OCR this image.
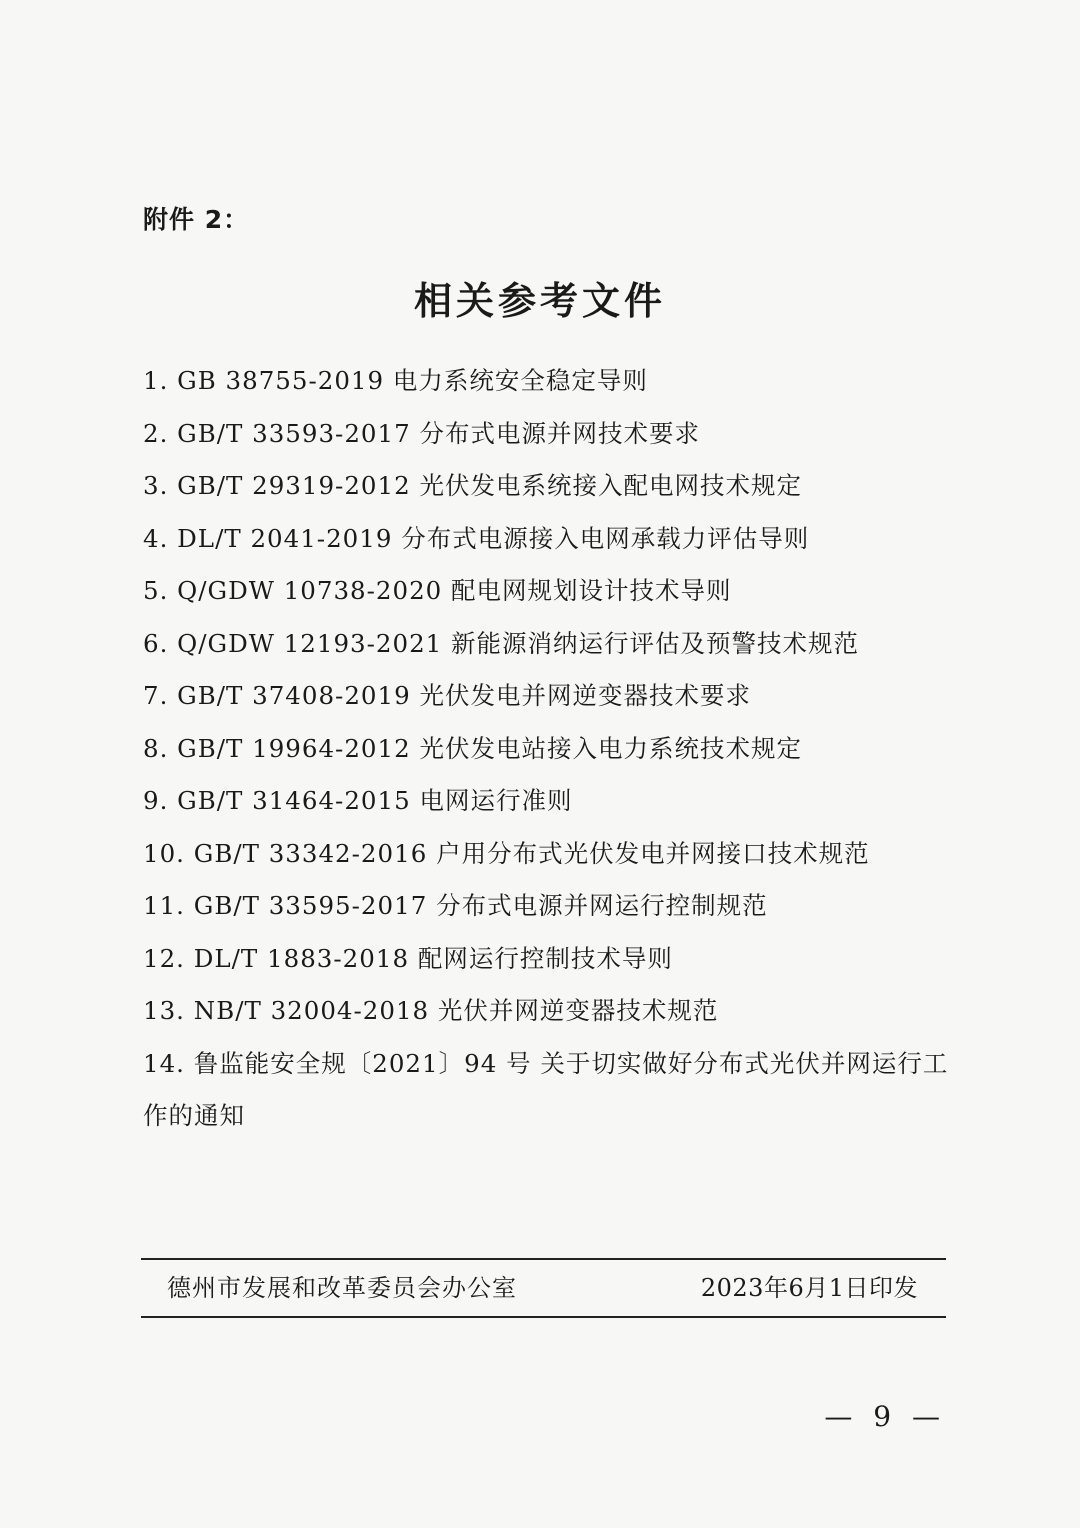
附件 2：
相关参考文件
1. GB 38755-2019 电力系统安全稳定导则
2. GB/T 33593-2017 分布式电源并网技术要求
3. GB/T 29319-2012 光伏发电系统接入配电网技术规定
4. DL/T 2041-2019 分布式电源接入电网承载力评估导则
5. Q/GDW 10738-2020 配电网规划设计技术导则
6. Q/GDW 12193-2021 新能源消纳运行评估及预警技术规范
7. GB/T 37408-2019 光伏发电并网逆变器技术要求
8. GB/T 19964-2012 光伏发电站接入电力系统技术规定
9. GB/T 31464-2015 电网运行准则
10. GB/T 33342-2016 户用分布式光伏发电并网接口技术规范
11. GB/T 33595-2017 分布式电源并网运行控制规范
12. DL/T 1883-2018 配网运行控制技术导则
13. NB/T 32004-2018 光伏并网逆变器技术规范
14. 鲁监能安全规〔2021〕94 号 关于切实做好分布式光伏并网运行工作的通知
德州市发展和改革委员会办公室	2023年6月1日印发
— 9 —
